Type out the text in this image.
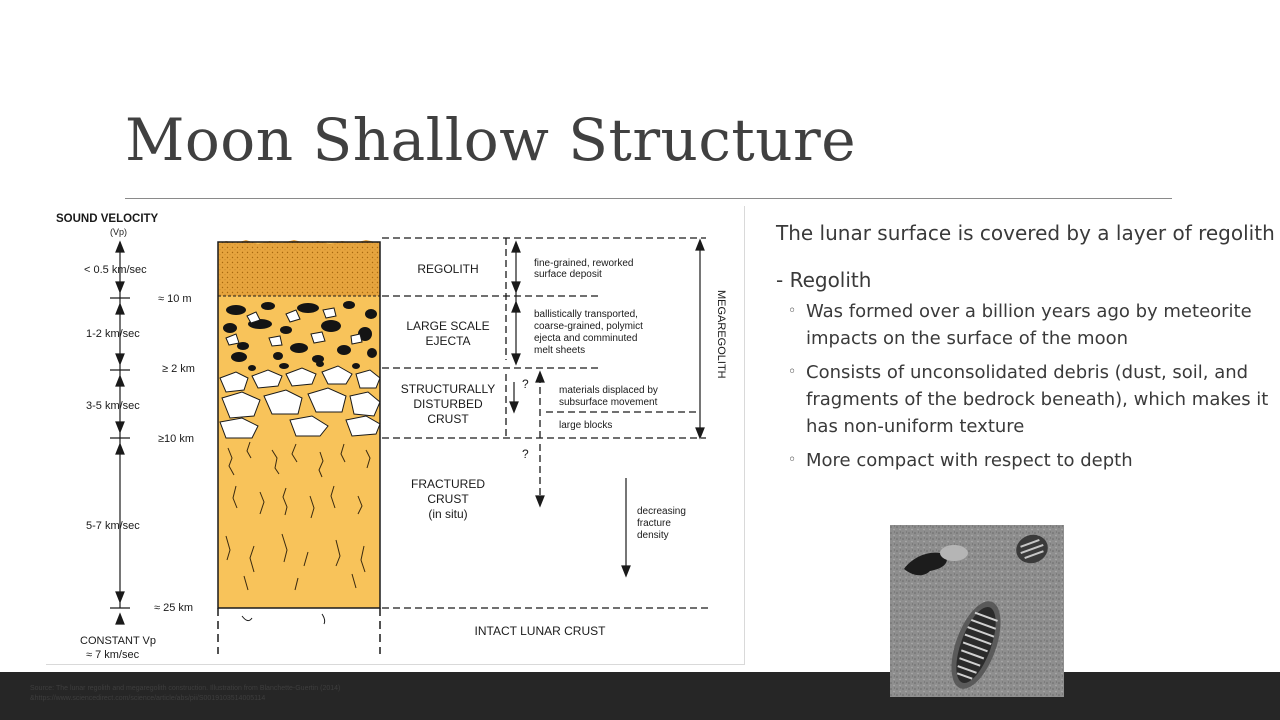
Moon Shallow Structure
SOUND VELOCITY
(Vp)
< 0.5 km/sec
1-2 km/sec
3-5 km/sec
5-7 km/sec
≈ 10 m
≥ 2 km
≥10 km
≈ 25 km
CONSTANT Vp
≈ 7 km/sec
?
?
REGOLITH
LARGE SCALE
EJECTA
STRUCTURALLY
DISTURBED
CRUST
FRACTURED
CRUST
(in situ)
INTACT LUNAR CRUST
fine-grained, reworked
surface deposit
ballistically transported,
coarse-grained, polymict
ejecta and comminuted
melt sheets
materials displaced by
subsurface movement
large blocks
decreasing
fracture
density
MEGAREGOLITH

The lunar surface is covered by a layer of regolith

- Regolith
◦ Was formed over a billion years ago by meteorite impacts on the surface of the moon
◦ Consists of unconsolidated debris (dust, soil, and fragments of the bedrock beneath), which makes it has non-uniform texture
◦ More compact with respect to depth
Source: The lunar regolith and megaregolith construction. Illustration from Blanchette-Guertin (2014) &https://www.sciencedirect.com/science/article/abs/pii/S0019103514005114
